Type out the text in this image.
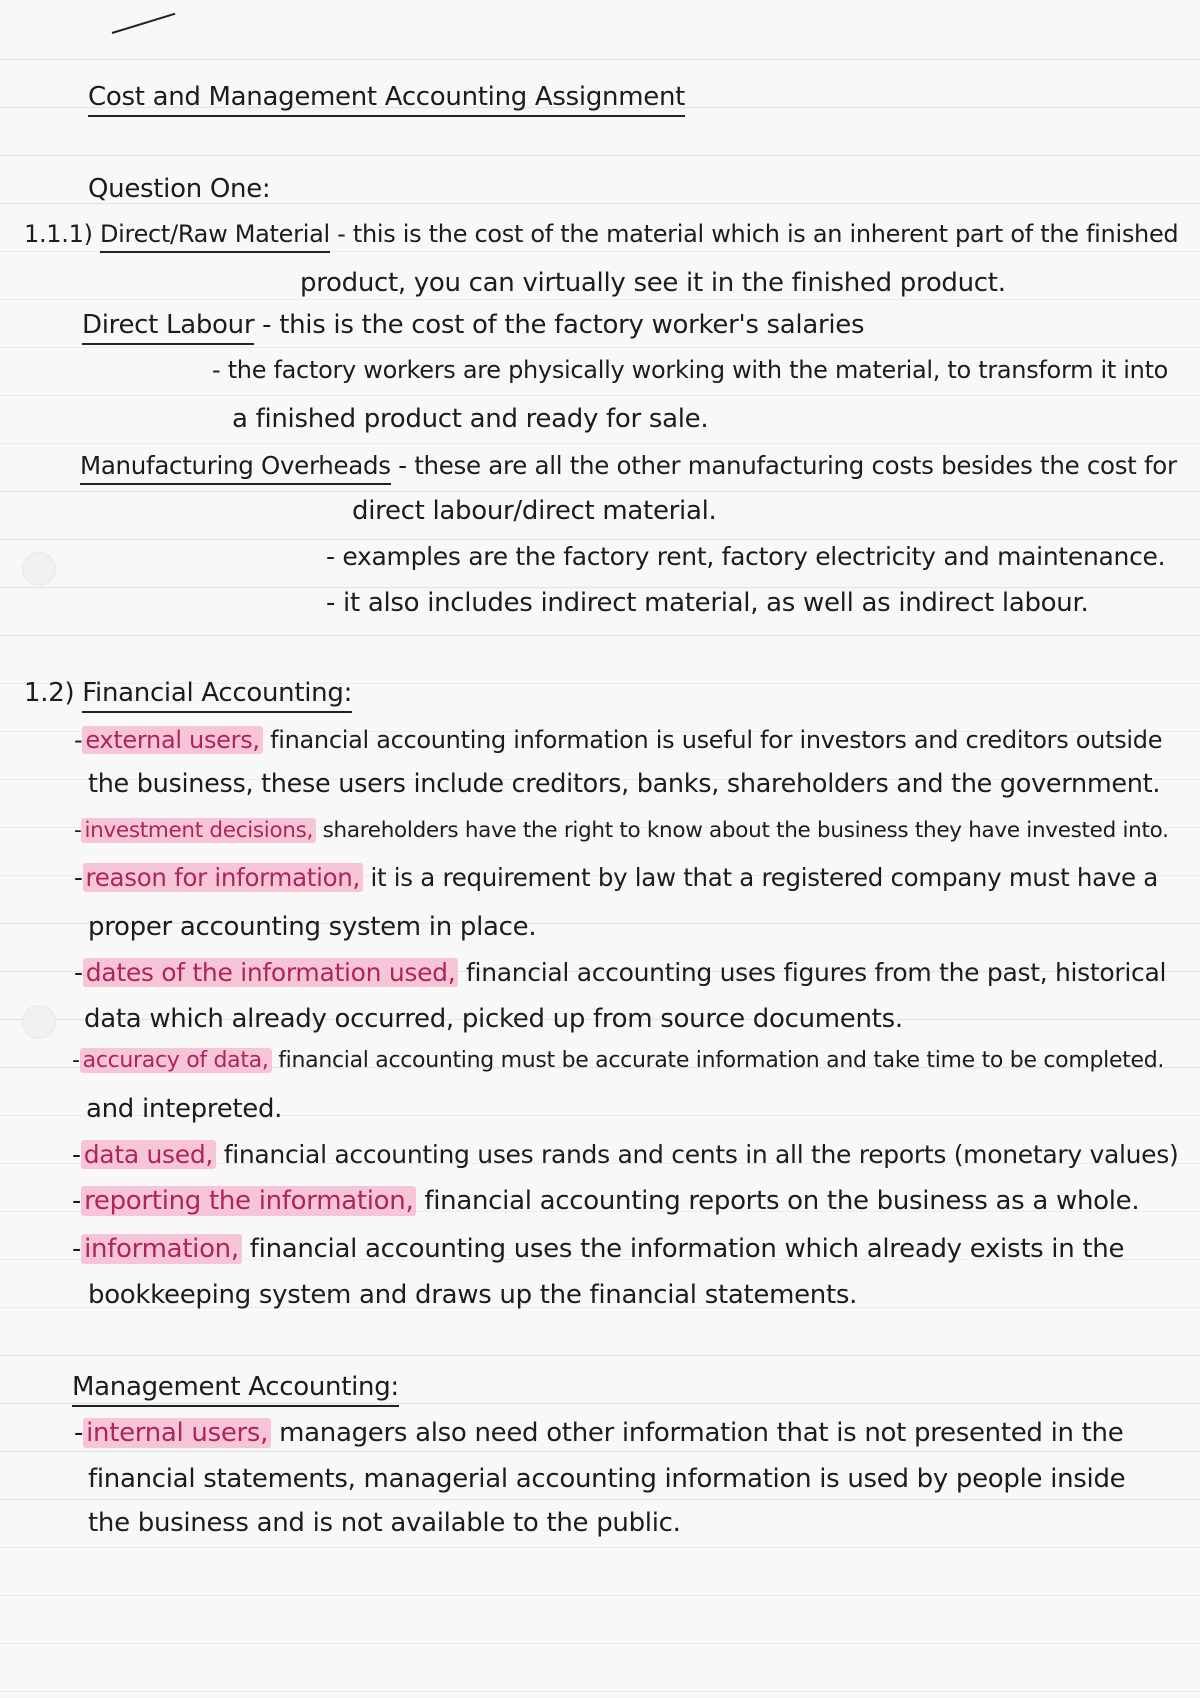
Cost and Management Accounting Assignment
Question One:
1.1.1) Direct/Raw Material - this is the cost of the material which is an inherent part of the finished
product, you can virtually see it in the finished product.
Direct Labour - this is the cost of the factory worker's salaries
- the factory workers are physically working with the material, to transform it into
a finished product and ready for sale.
Manufacturing Overheads - these are all the other manufacturing costs besides the cost for
direct labour/direct material.
- examples are the factory rent, factory electricity and maintenance.
- it also includes indirect material, as well as indirect labour.
1.2) Financial Accounting:
- external users, financial accounting information is useful for investors and creditors outside
the business, these users include creditors, banks, shareholders and the government.
- investment decisions, shareholders have the right to know about the business they have invested into.
- reason for information, it is a requirement by law that a registered company must have a
proper accounting system in place.
- dates of the information used, financial accounting uses figures from the past, historical
data which already occurred, picked up from source documents.
- accuracy of data, financial accounting must be accurate information and take time to be completed.
and intepreted.
- data used, financial accounting uses rands and cents in all the reports (monetary values)
- reporting the information, financial accounting reports on the business as a whole.
- information, financial accounting uses the information which already exists in the
bookkeeping system and draws up the financial statements.
Management Accounting:
- internal users, managers also need other information that is not presented in the
financial statements, managerial accounting information is used by people inside
the business and is not available to the public.
